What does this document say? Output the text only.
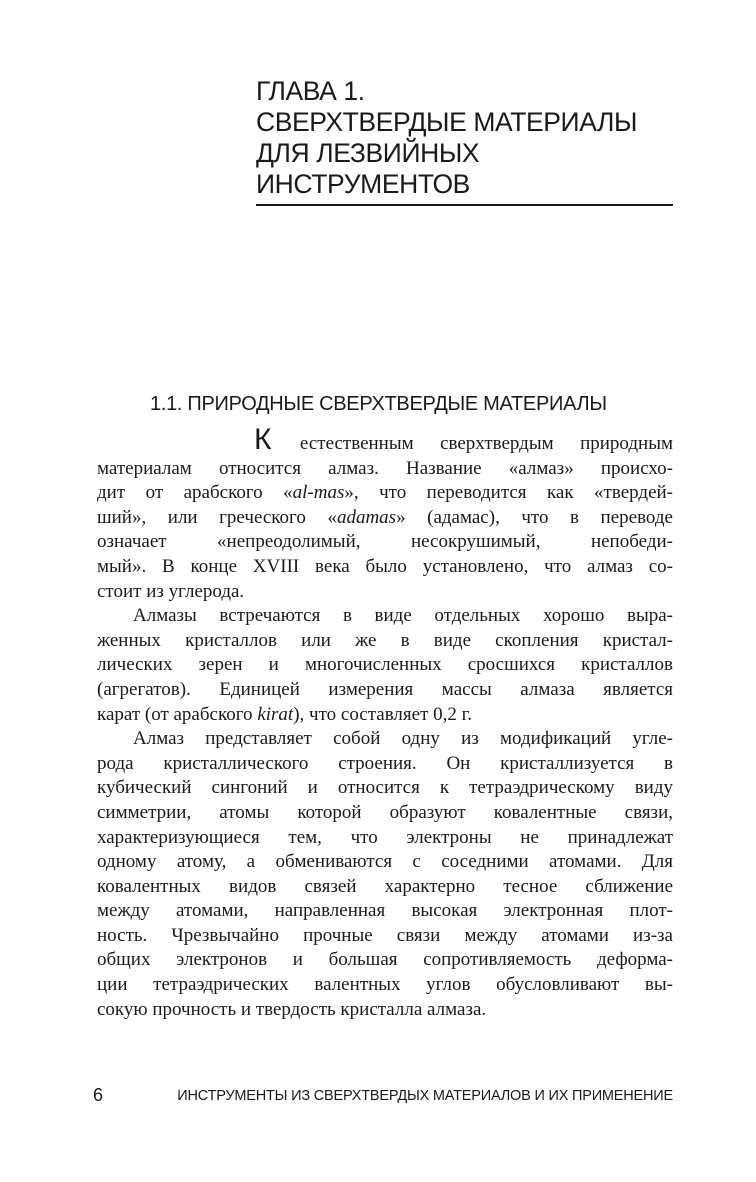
ГЛАВА 1.
СВЕРХТВЕРДЫЕ МАТЕРИАЛЫ
ДЛЯ ЛЕЗВИЙНЫХ
ИНСТРУМЕНТОВ
1.1. ПРИРОДНЫЕ СВЕРХТВЕРДЫЕ МАТЕРИАЛЫ
К естественным сверхтвердым природным
материалам относится алмаз. Название «алмаз» происхо-
дит от арабского «al-mas», что переводится как «твердей-
ший», или греческого «adamas» (адамас), что в переводе
означает «непреодолимый, несокрушимый, непобеди-
мый». В конце XVIII века было установлено, что алмаз со-
стоит из углерода.
Алмазы встречаются в виде отдельных хорошо выра-
женных кристаллов или же в виде скопления кристал-
лических зерен и многочисленных сросшихся кристаллов
(агрегатов). Единицей измерения массы алмаза является
карат (от арабского kirat), что составляет 0,2 г.
Алмаз представляет собой одну из модификаций угле-
рода кристаллического строения. Он кристаллизуется в
кубический сингоний и относится к тетраэдрическому виду
симметрии, атомы которой образуют ковалентные связи,
характеризующиеся тем, что электроны не принадлежат
одному атому, а обмениваются с соседними атомами. Для
ковалентных видов связей характерно тесное сближение
между атомами, направленная высокая электронная плот-
ность. Чрезвычайно прочные связи между атомами из-за
общих электронов и большая сопротивляемость деформа-
ции тетраэдрических валентных углов обусловливают вы-
сокую прочность и твердость кристалла алмаза.
6	ИНСТРУМЕНТЫ ИЗ СВЕРХТВЕРДЫХ МАТЕРИАЛОВ И ИХ ПРИМЕНЕНИЕ
